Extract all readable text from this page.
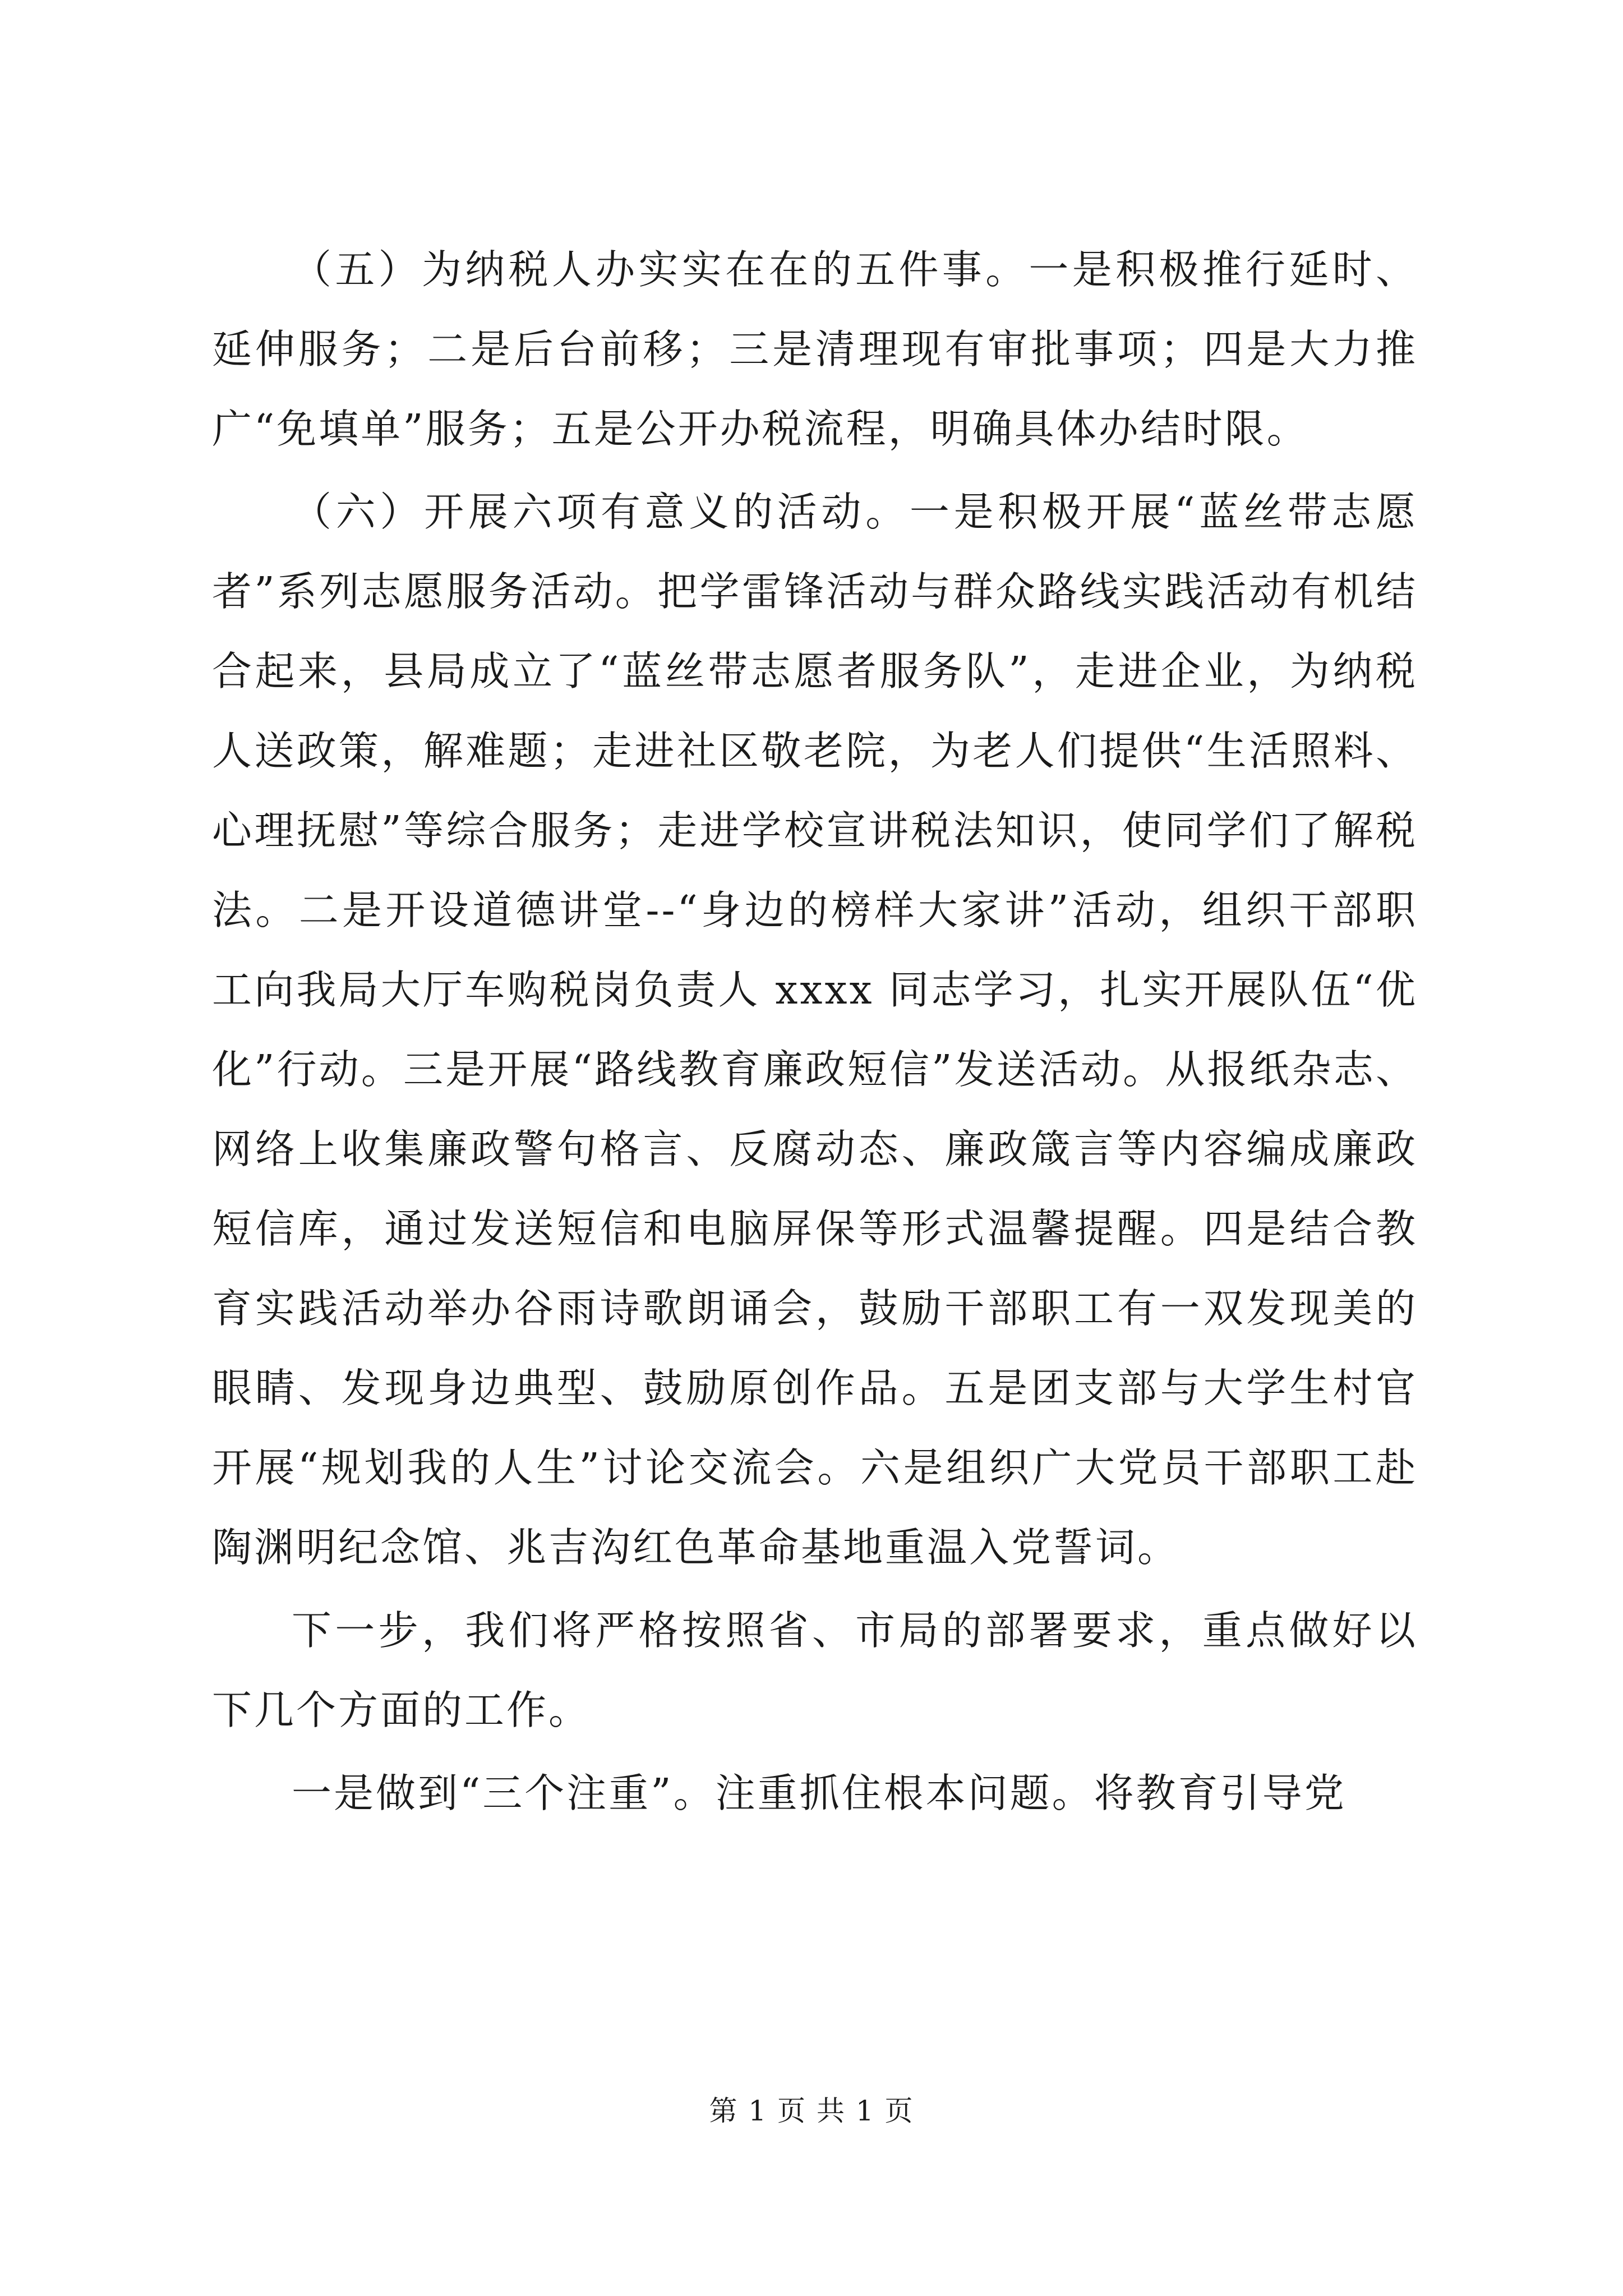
（五）为纳税人办实实在在的五件事。一是积极推行延时、延伸服务；二是后台前移；三是清理现有审批事项；四是大力推广“免填单”服务；五是公开办税流程，明确具体办结时限。

（六）开展六项有意义的活动。一是积极开展“蓝丝带志愿者”系列志愿服务活动。把学雷锋活动与群众路线实践活动有机结合起来，县局成立了“蓝丝带志愿者服务队”，走进企业，为纳税人送政策，解难题；走进社区敬老院，为老人们提供“生活照料、心理抚慰”等综合服务；走进学校宣讲税法知识，使同学们了解税法。二是开设道德讲堂--“身边的榜样大家讲”活动，组织干部职工向我局大厅车购税岗负责人 xxxx 同志学习，扎实开展队伍“优化”行动。三是开展“路线教育廉政短信”发送活动。从报纸杂志、网络上收集廉政警句格言、反腐动态、廉政箴言等内容编成廉政短信库，通过发送短信和电脑屏保等形式温馨提醒。四是结合教育实践活动举办谷雨诗歌朗诵会，鼓励干部职工有一双发现美的眼睛、发现身边典型、鼓励原创作品。五是团支部与大学生村官开展“规划我的人生”讨论交流会。六是组织广大党员干部职工赴陶渊明纪念馆、兆吉沟红色革命基地重温入党誓词。

下一步，我们将严格按照省、市局的部署要求，重点做好以下几个方面的工作。

一是做到“三个注重”。注重抓住根本问题。将教育引导党

第 1 页 共 1 页
